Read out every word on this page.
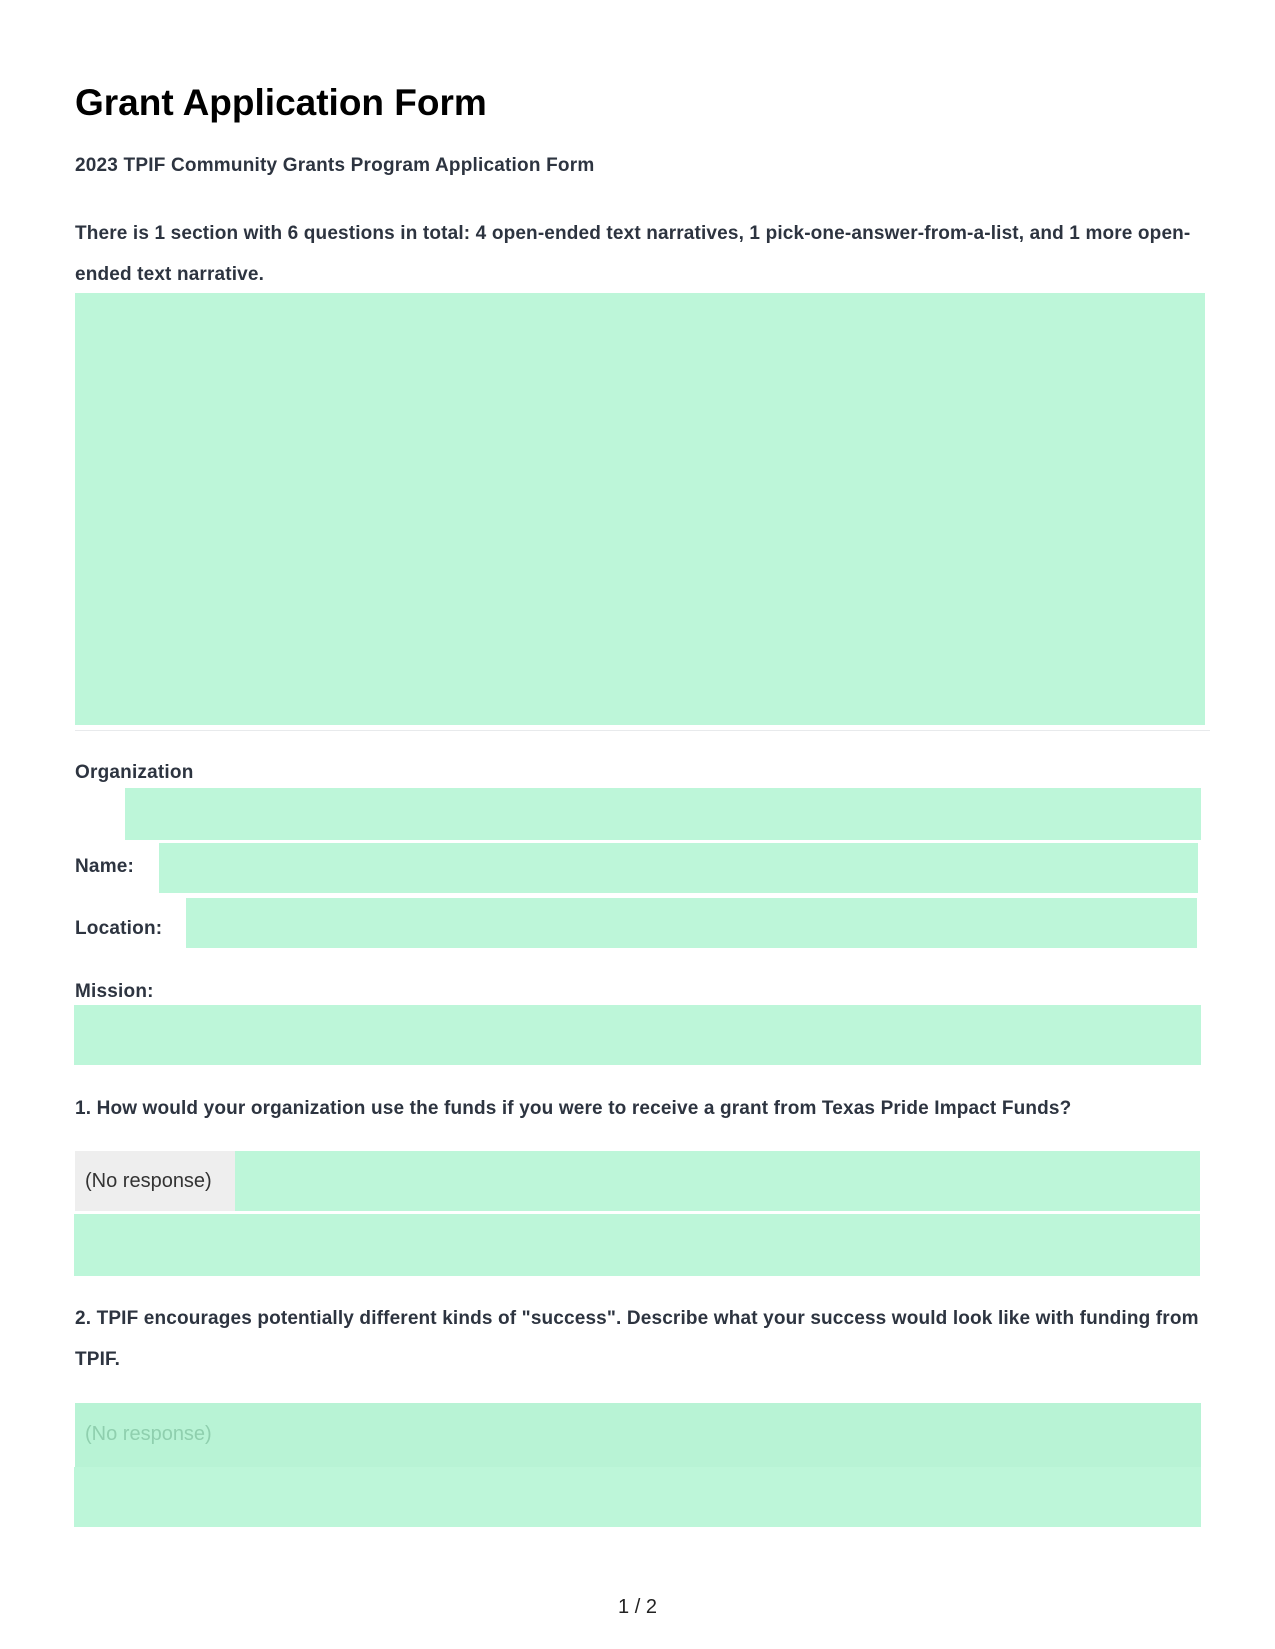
Grant Application Form
2023 TPIF Community Grants Program Application Form
There is 1 section with 6 questions in total: 4 open-ended text narratives, 1 pick-one-answer-from-a-list, and 1 more open-ended text narrative.
Organization
Name:
Location:
Mission:
1. How would your organization use the funds if you were to receive a grant from Texas Pride Impact Funds?
(No response)
2. TPIF encourages potentially different kinds of "success". Describe what your success would look like with funding from TPIF.
(No response)
1 / 2
